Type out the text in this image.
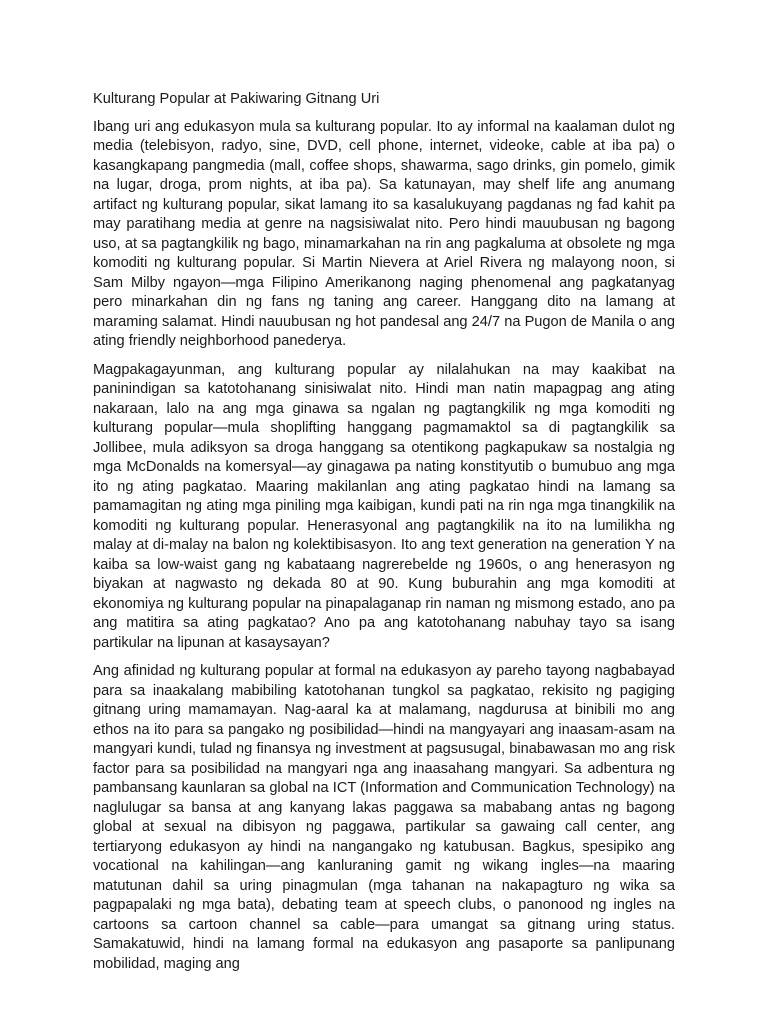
Kulturang Popular at Pakiwaring Gitnang Uri

Ibang uri ang edukasyon mula sa kulturang popular. Ito ay informal na kaalaman dulot ng media (telebisyon, radyo, sine, DVD, cell phone, internet, videoke, cable at iba pa) o kasangkapang pangmedia (mall, coffee shops, shawarma, sago drinks, gin pomelo, gimik na lugar, droga, prom nights, at iba pa). Sa katunayan, may shelf life ang anumang artifact ng kulturang popular, sikat lamang ito sa kasalukuyang pagdanas ng fad kahit pa may paratihang media at genre na nagsisiwalat nito. Pero hindi mauubusan ng bagong uso, at sa pagtangkilik ng bago, minamarkahan na rin ang pagkaluma at obsolete ng mga komoditi ng kulturang popular. Si Martin Nievera at Ariel Rivera ng malayong noon, si Sam Milby ngayon—mga Filipino Amerikanong naging phenomenal ang pagkatanyag pero minarkahan din ng fans ng taning ang career. Hanggang dito na lamang at maraming salamat. Hindi nauubusan ng hot pandesal ang 24/7 na Pugon de Manila o ang ating friendly neighborhood panederya.

Magpakagayunman, ang kulturang popular ay nilalahukan na may kaakibat na paninindigan sa katotohanang sinisiwalat nito. Hindi man natin mapagpag ang ating nakaraan, lalo na ang mga ginawa sa ngalan ng pagtangkilik ng mga komoditi ng kulturang popular—mula shoplifting hanggang pagmamaktol sa di pagtangkilik sa Jollibee, mula adiksyon sa droga hanggang sa otentikong pagkapukaw sa nostalgia ng mga McDonalds na komersyal—ay ginagawa pa nating konstityutib o bumubuo ang mga ito ng ating pagkatao. Maaring makilanlan ang ating pagkatao hindi na lamang sa pamamagitan ng ating mga piniling mga kaibigan, kundi pati na rin nga mga tinangkilik na komoditi ng kulturang popular. Henerasyonal ang pagtangkilik na ito na lumilikha ng malay at di-malay na balon ng kolektibisasyon. Ito ang text generation na generation Y na kaiba sa low-waist gang ng kabataang nagrerebelde ng 1960s, o ang henerasyon ng biyakan at nagwasto ng dekada 80 at 90. Kung buburahin ang mga komoditi at ekonomiya ng kulturang popular na pinapalaganap rin naman ng mismong estado, ano pa ang matitira sa ating pagkatao? Ano pa ang katotohanang nabuhay tayo sa isang partikular na lipunan at kasaysayan?

Ang afinidad ng kulturang popular at formal na edukasyon ay pareho tayong nagbabayad para sa inaakalang mabibiling katotohanan tungkol sa pagkatao, rekisito ng pagiging gitnang uring mamamayan. Nag-aaral ka at malamang, nagdurusa at binibili mo ang ethos na ito para sa pangako ng posibilidad—hindi na mangyayari ang inaasam-asam na mangyari kundi, tulad ng finansya ng investment at pagsusugal, binabawasan mo ang risk factor para sa posibilidad na mangyari nga ang inaasahang mangyari. Sa adbentura ng pambansang kaunlaran sa global na ICT (Information and Communication Technology) na naglulugar sa bansa at ang kanyang lakas paggawa sa mababang antas ng bagong global at sexual na dibisyon ng paggawa, partikular sa gawaing call center, ang tertiaryong edukasyon ay hindi na nangangako ng katubusan. Bagkus, spesipiko ang vocational na kahilingan—ang kanluraning gamit ng wikang ingles—na maaring matutunan dahil sa uring pinagmulan (mga tahanan na nakapagturo ng wika sa pagpapalaki ng mga bata), debating team at speech clubs, o panonood ng ingles na cartoons sa cartoon channel sa cable—para umangat sa gitnang uring status. Samakatuwid, hindi na lamang formal na edukasyon ang pasaporte sa panlipunang mobilidad, maging ang
